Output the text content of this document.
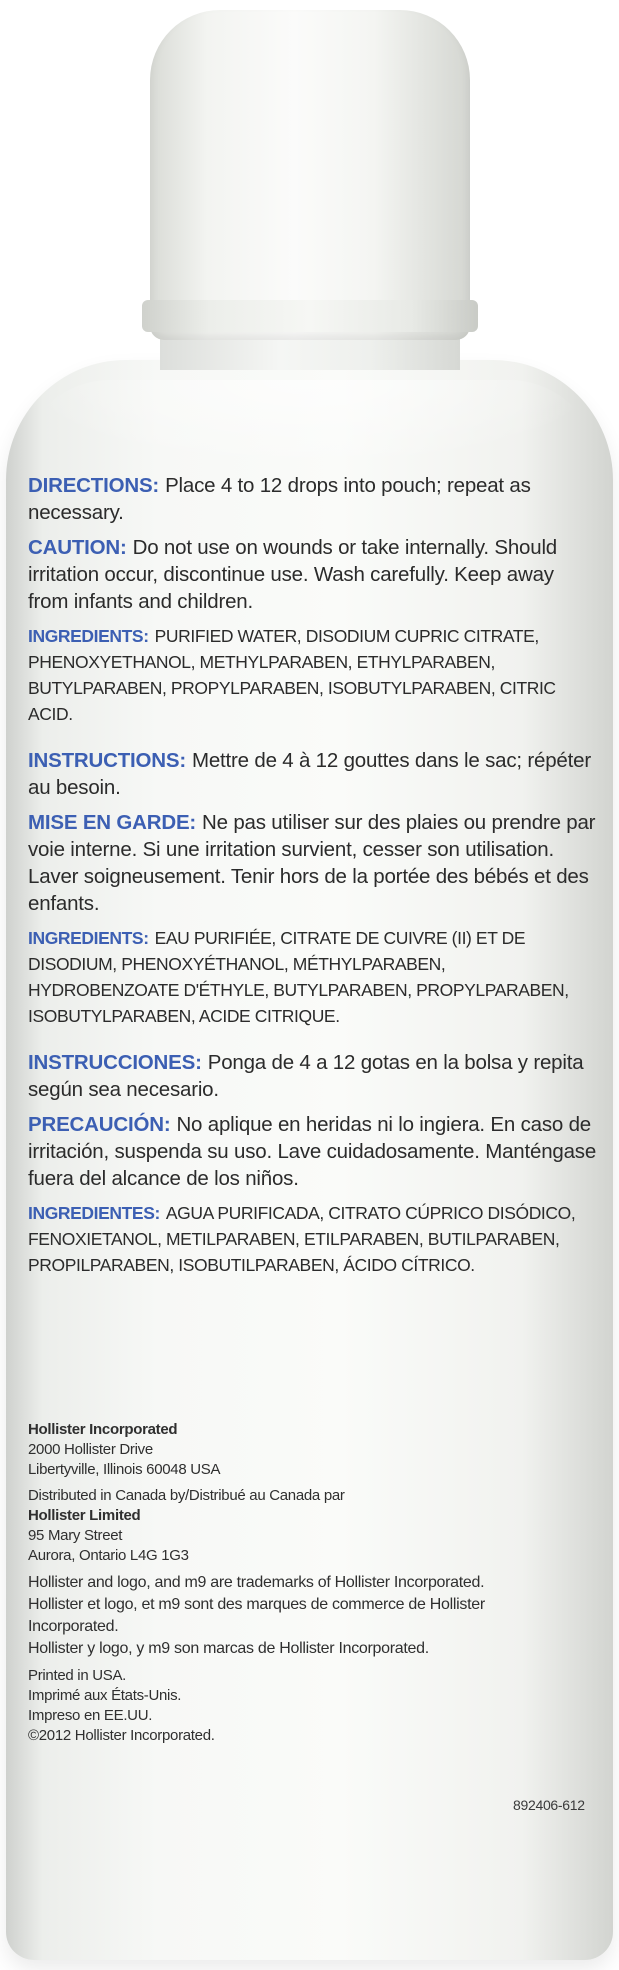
DIRECTIONS: Place 4 to 12 drops into pouch; repeat as necessary.

CAUTION: Do not use on wounds or take internally. Should irritation occur, discontinue use. Wash carefully. Keep away from infants and children.

INGREDIENTS: PURIFIED WATER, DISODIUM CUPRIC CITRATE, PHENOXYETHANOL, METHYLPARABEN, ETHYLPARABEN, BUTYLPARABEN, PROPYLPARABEN, ISOBUTYLPARABEN, CITRIC ACID.

INSTRUCTIONS: Mettre de 4 à 12 gouttes dans le sac; répéter au besoin.

MISE EN GARDE: Ne pas utiliser sur des plaies ou prendre par voie interne. Si une irritation survient, cesser son utilisation. Laver soigneusement. Tenir hors de la portée des bébés et des enfants.

INGREDIENTS: EAU PURIFIÉE, CITRATE DE CUIVRE (II) ET DE DISODIUM, PHENOXYÉTHANOL, MÉTHYLPARABEN, HYDROBENZOATE D'ÉTHYLE, BUTYLPARABEN, PROPYLPARABEN, ISOBUTYLPARABEN, ACIDE CITRIQUE.

INSTRUCCIONES: Ponga de 4 a 12 gotas en la bolsa y repita según sea necesario.

PRECAUCIÓN: No aplique en heridas ni lo ingiera. En caso de irritación, suspenda su uso. Lave cuidadosamente. Manténgase fuera del alcance de los niños.

INGREDIENTES: AGUA PURIFICADA, CITRATO CÚPRICO DISÓDICO, FENOXIETANOL, METILPARABEN, ETILPARABEN, BUTILPARABEN, PROPILPARABEN, ISOBUTILPARABEN, ÁCIDO CÍTRICO.

Hollister Incorporated
2000 Hollister Drive
Libertyville, Illinois 60048 USA
Distributed in Canada by/Distribué au Canada par
Hollister Limited
95 Mary Street
Aurora, Ontario L4G 1G3
Hollister and logo, and m9 are trademarks of Hollister Incorporated.
Hollister et logo, et m9 sont des marques de commerce de Hollister Incorporated.
Hollister y logo, y m9 son marcas de Hollister Incorporated.
Printed in USA.
Imprimé aux États-Unis.
Impreso en EE.UU.
©2012 Hollister Incorporated.
892406-612
